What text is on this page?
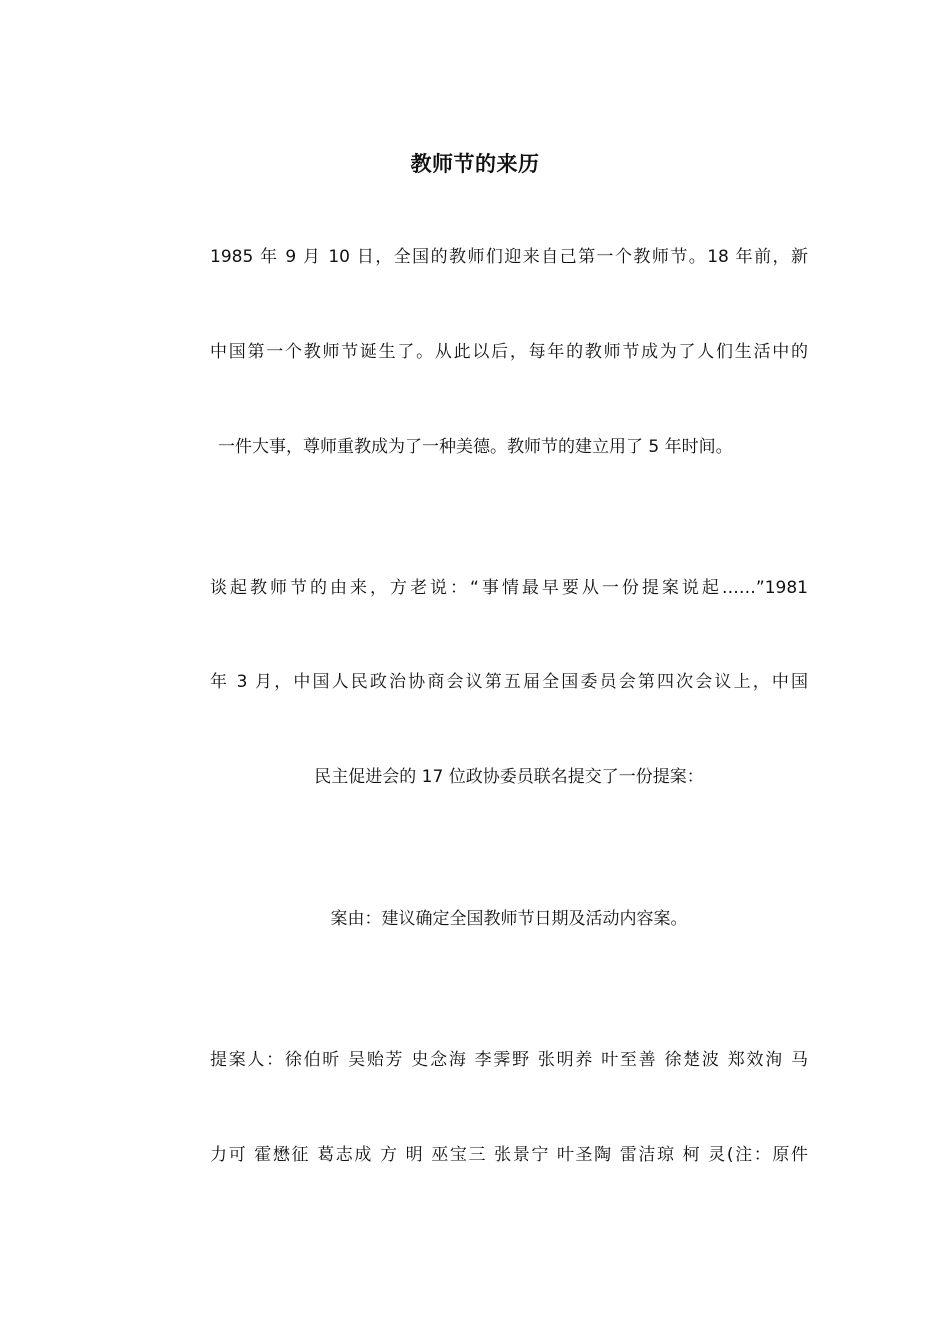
教师节的来历
1985 年 9 月 10 日，全国的教师们迎来自己第一个教师节。18 年前，新
中国第一个教师节诞生了。从此以后，每年的教师节成为了人们生活中的
一件大事，尊师重教成为了一种美德。教师节的建立用了 5 年时间。
谈起教师节的由来，方老说：“事情最早要从一份提案说起……”1981
年 3 月，中国人民政治协商会议第五届全国委员会第四次会议上，中国
民主促进会的 17 位政协委员联名提交了一份提案：
案由：建议确定全国教师节日期及活动内容案。
提案人：徐伯昕 吴贻芳 史念海 李霁野 张明养 叶至善 徐楚波 郑效洵 马
力可 霍懋征 葛志成 方 明 巫宝三 张景宁 叶圣陶 雷洁琼 柯 灵(注：原件
